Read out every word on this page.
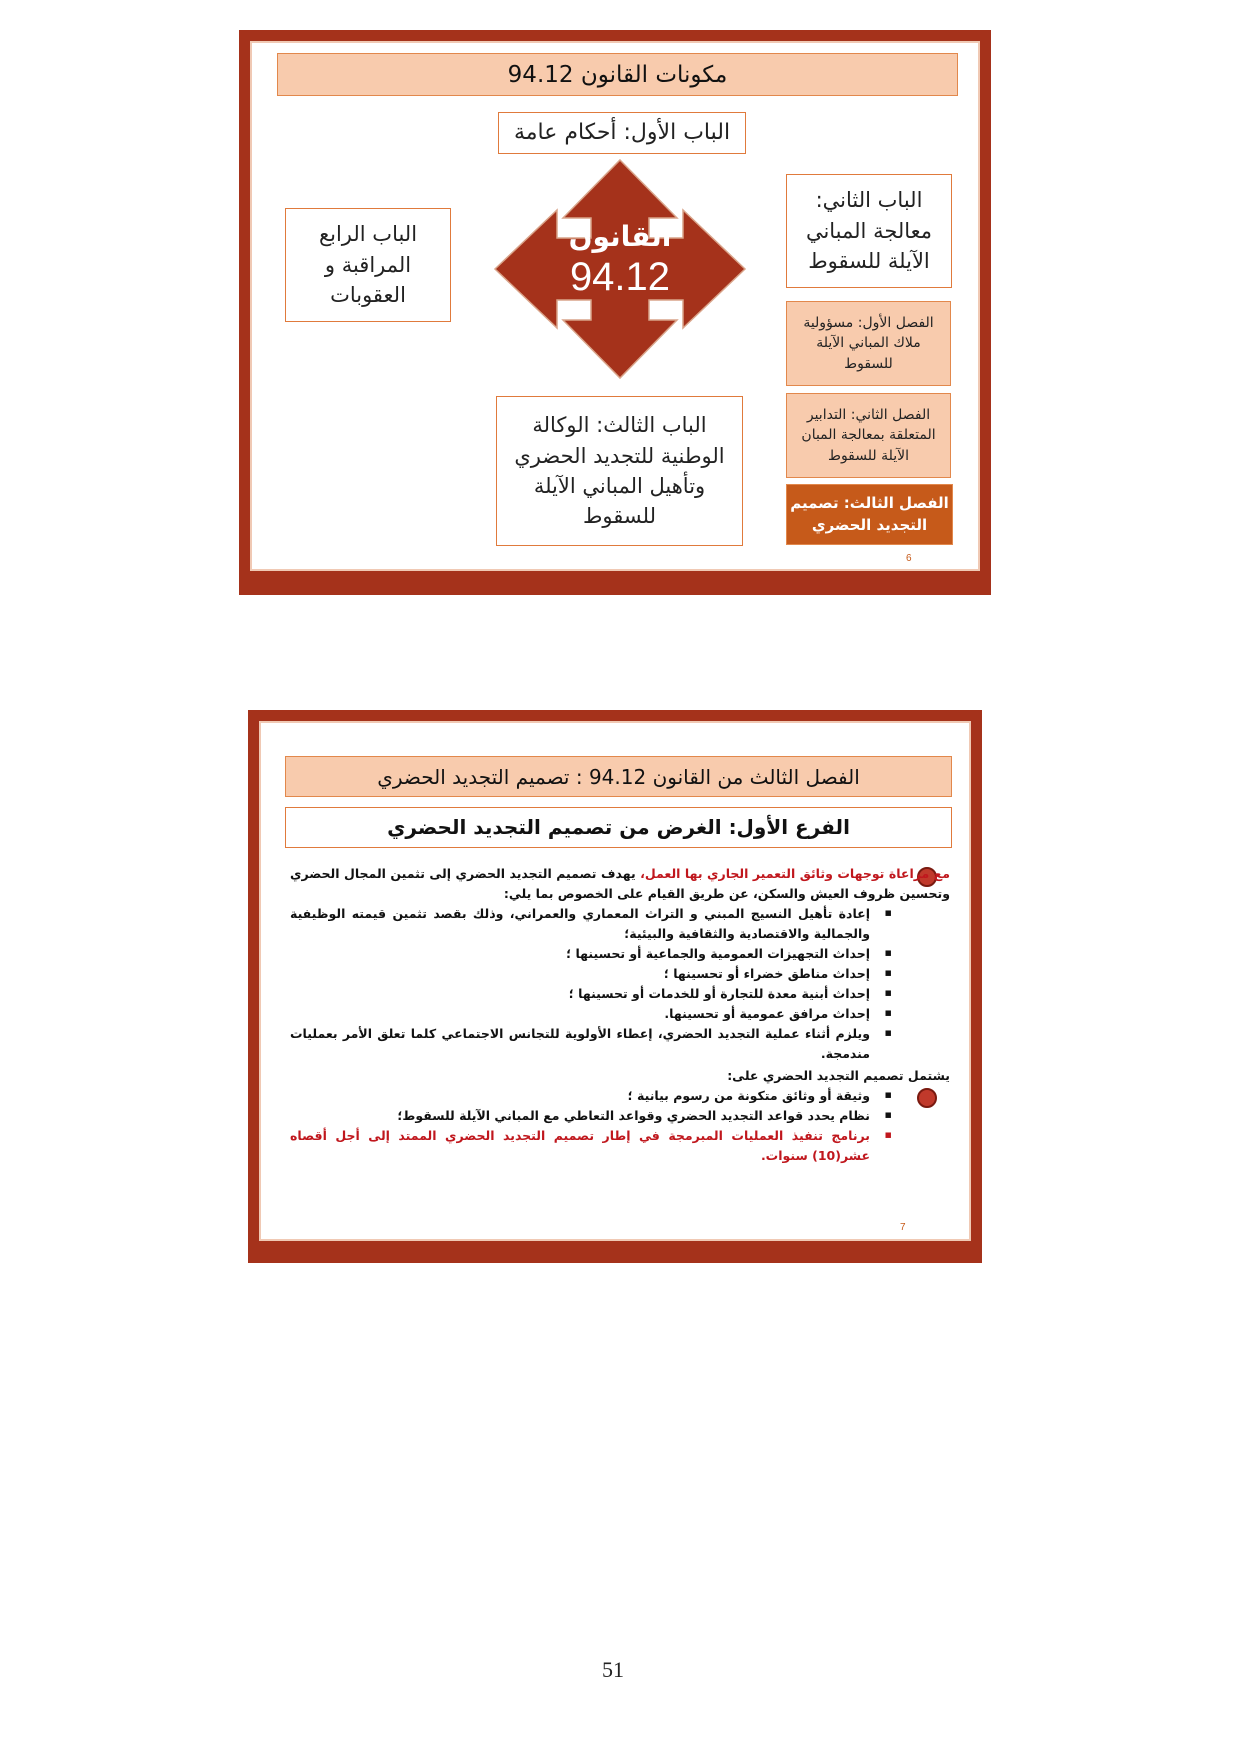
مكونات القانون 94.12
الباب الأول: أحكام عامة
القانون
94.12
الباب الثاني:
معالجة المباني
الآيلة للسقوط
الباب الرابع
المراقبة و
العقوبات
الباب الثالث: الوكالة
الوطنية للتجديد الحضري
وتأهيل المباني الآيلة
للسقوط
الفصل الأول: مسؤولية
ملاك المباني الآيلة
للسقوط
الفصل الثاني: التدابير
المتعلقة بمعالجة المبان
الآيلة للسقوط
الفصل الثالث: تصميم
التجديد الحضري
6
الفصل الثالث من القانون 94.12 : تصميم التجديد الحضري
الفرع الأول: الغرض من تصميم التجديد الحضري

مع مراعاة توجهات وثائق التعمير الجاري بها العمل، يهدف تصميم التجديد الحضري إلى تثمين المجال الحضري وتحسين ظروف العيش والسكن، عن طريق القيام على الخصوص بما يلي:

▪ إعادة تأهيل النسيج المبني و التراث المعماري والعمراني، وذلك بقصد تثمين قيمته الوظيفية والجمالية والاقتصادية والثقافية والبيئية؛
▪ إحداث التجهيزات العمومية والجماعية أو تحسينها ؛
▪ إحداث مناطق خضراء أو تحسينها ؛
▪ إحداث أبنية معدة للتجارة أو للخدمات أو تحسينها ؛
▪ إحداث مرافق عمومية أو تحسينها.
▪ ويلزم أثناء عملية التجديد الحضري، إعطاء الأولوية للتجانس الاجتماعي كلما تعلق الأمر بعمليات مندمجة.

يشتمل تصميم التجديد الحضري على:

▪ وثيقة أو وثائق متكونة من رسوم بيانية ؛
▪ نظام يحدد قواعد التجديد الحضري وقواعد التعاطي مع المباني الآيلة للسقوط؛
▪ برنامج تنفيذ العمليات المبرمجة في إطار تصميم التجديد الحضري الممتد إلى أجل أقصاه عشر(10) سنوات.
7
51
